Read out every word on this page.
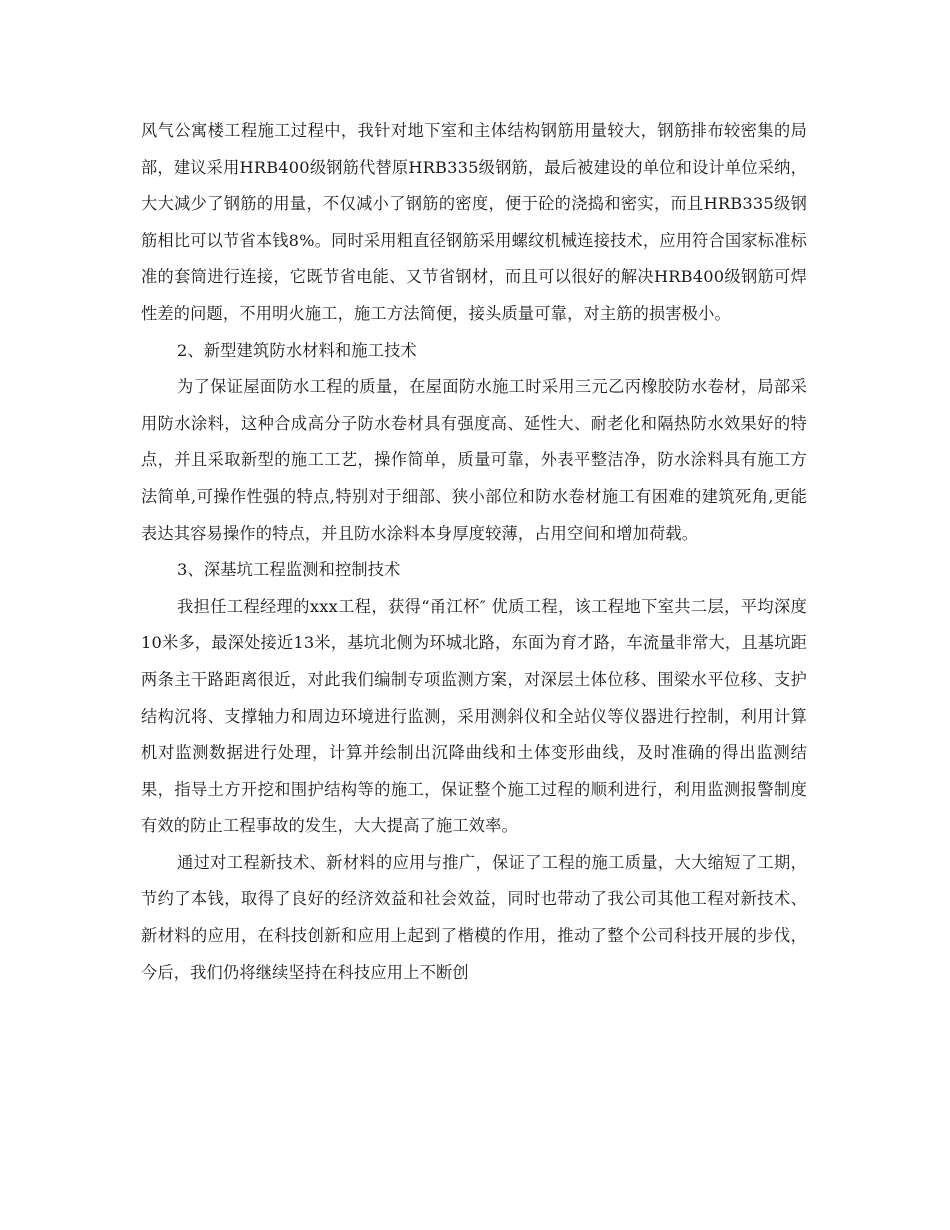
风气公寓楼工程施工过程中，我针对地下室和主体结构钢筋用量较大，钢筋排布较密集的局部，建议采用HRB400级钢筋代替原HRB335级钢筋，最后被建设的单位和设计单位采纳，大大减少了钢筋的用量，不仅减小了钢筋的密度，便于砼的浇捣和密实，而且HRB335级钢筋相比可以节省本钱8%。同时采用粗直径钢筋采用螺纹机械连接技术，应用符合国家标准标准的套筒进行连接，它既节省电能、又节省钢材，而且可以很好的解决HRB400级钢筋可焊性差的问题，不用明火施工，施工方法简便，接头质量可靠，对主筋的损害极小。

2、新型建筑防水材料和施工技术

为了保证屋面防水工程的质量，在屋面防水施工时采用三元乙丙橡胶防水卷材，局部采用防水涂料，这种合成高分子防水卷材具有强度高、延性大、耐老化和隔热防水效果好的特点，并且采取新型的施工工艺，操作简单，质量可靠，外表平整洁净，防水涂料具有施工方法简单,可操作性强的特点,特别对于细部、狭小部位和防水卷材施工有困难的建筑死角,更能表达其容易操作的特点，并且防水涂料本身厚度较薄，占用空间和增加荷载。

3、深基坑工程监测和控制技术

我担任工程经理的xxx工程，获得“甬江杯″ 优质工程，该工程地下室共二层，平均深度10米多，最深处接近13米，基坑北侧为环城北路，东面为育才路，车流量非常大，且基坑距两条主干路距离很近，对此我们编制专项监测方案，对深层土体位移、围梁水平位移、支护结构沉将、支撑轴力和周边环境进行监测，采用测斜仪和全站仪等仪器进行控制，利用计算机对监测数据进行处理，计算并绘制出沉降曲线和土体变形曲线，及时准确的得出监测结果，指导土方开挖和围护结构等的施工，保证整个施工过程的顺利进行，利用监测报警制度有效的防止工程事故的发生，大大提高了施工效率。

通过对工程新技术、新材料的应用与推广，保证了工程的施工质量，大大缩短了工期，节约了本钱，取得了良好的经济效益和社会效益，同时也带动了我公司其他工程对新技术、新材料的应用，在科技创新和应用上起到了楷模的作用，推动了整个公司科技开展的步伐，今后，我们仍将继续坚持在科技应用上不断创
